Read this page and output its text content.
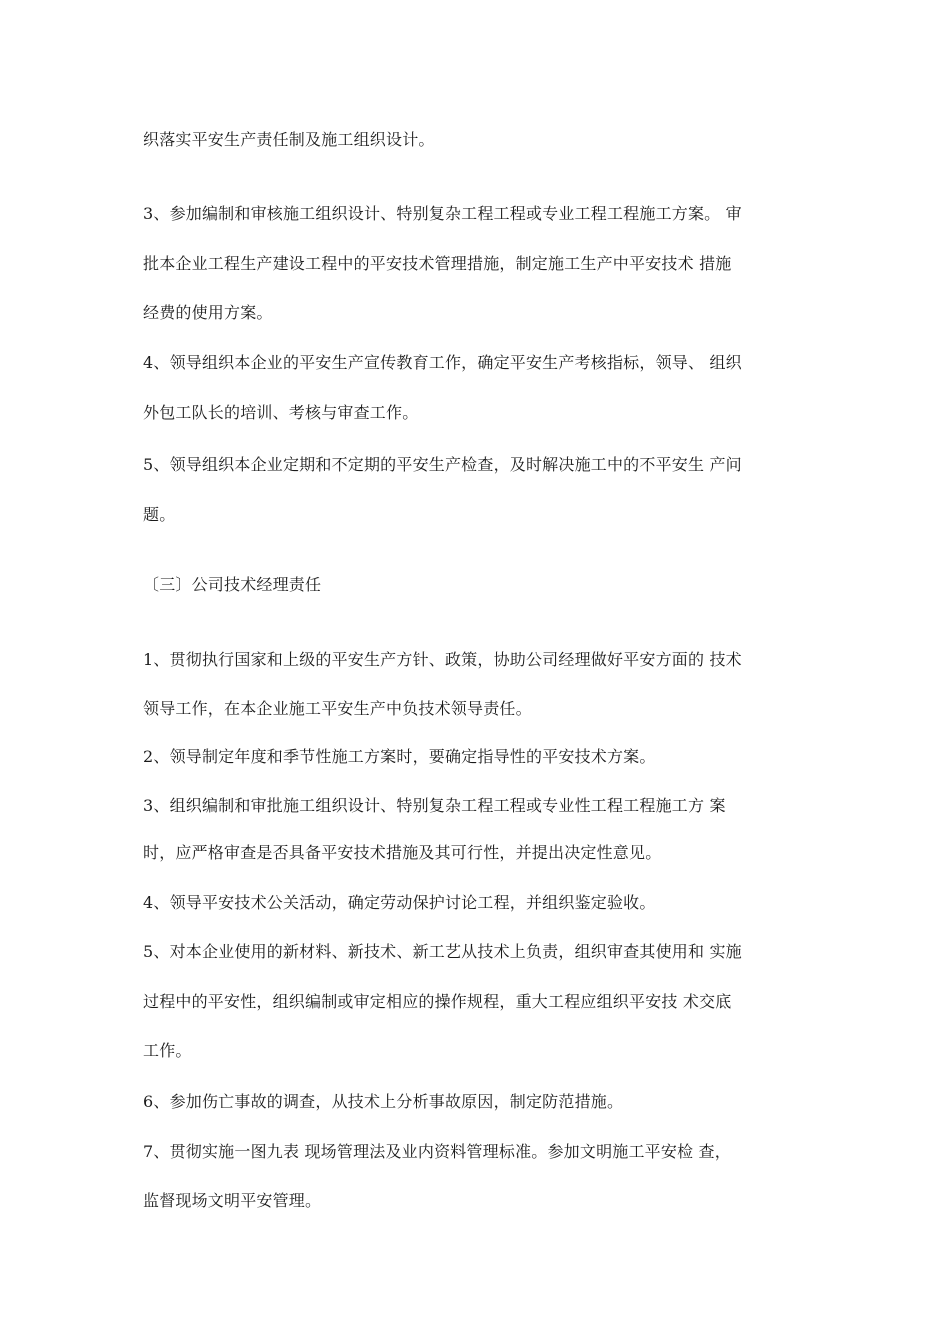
织落实平安生产责任制及施工组织设计。
3、参加编制和审核施工组织设计、特别复杂工程工程或专业工程工程施工方案。 审
批本企业工程生产建设工程中的平安技术管理措施，制定施工生产中平安技术 措施
经费的使用方案。
4、领导组织本企业的平安生产宣传教育工作，确定平安生产考核指标，领导、 组织
外包工队长的培训、考核与审查工作。
5、领导组织本企业定期和不定期的平安生产检查，及时解决施工中的不平安生 产问
题。
〔三〕公司技术经理责任
1、贯彻执行国家和上级的平安生产方针、政策，协助公司经理做好平安方面的 技术
领导工作，在本企业施工平安生产中负技术领导责任。
2、领导制定年度和季节性施工方案时，要确定指导性的平安技术方案。
3、组织编制和审批施工组织设计、特别复杂工程工程或专业性工程工程施工方 案
时，应严格审查是否具备平安技术措施及其可行性，并提出决定性意见。
4、领导平安技术公关活动，确定劳动保护讨论工程，并组织鉴定验收。
5、对本企业使用的新材料、新技术、新工艺从技术上负责，组织审查其使用和 实施
过程中的平安性，组织编制或审定相应的操作规程，重大工程应组织平安技 术交底
工作。
6、参加伤亡事故的调查，从技术上分析事故原因，制定防范措施。
7、贯彻实施一图九表 现场管理法及业内资料管理标准。参加文明施工平安检 查，
监督现场文明平安管理。
